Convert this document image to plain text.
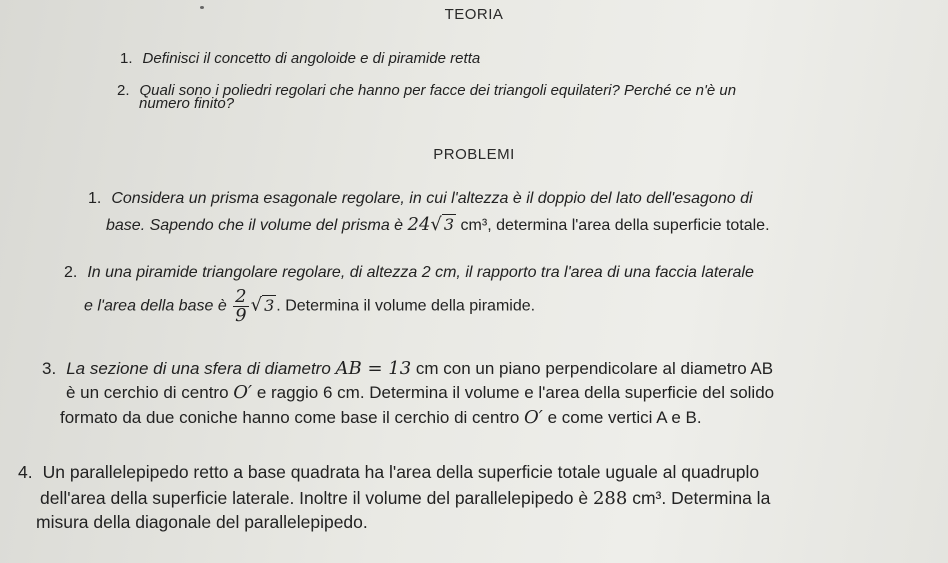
TEORIA
1. Definisci il concetto di angoloide e di piramide retta
2. Quali sono i poliedri regolari che hanno per facce dei triangoli equilateri? Perché ce n'è un
numero finito?
PROBLEMI
1. Considera un prisma esagonale regolare, in cui l'altezza è il doppio del lato dell'esagono di
base. Sapendo che il volume del prisma è 24√ 3 cm³, determina l'area della superficie totale.
2. In una piramide triangolare regolare, di altezza 2 cm, il rapporto tra l'area di una faccia laterale
e l'area della base è $\frac{2}{9}$ √ 3 . Determina il volume della piramide.
3. La sezione di una sfera di diametro AB = 13 cm con un piano perpendicolare al diametro AB
è un cerchio di centro O′ e raggio 6 cm. Determina il volume e l'area della superficie del solido
formato da due coniche hanno come base il cerchio di centro O′ e come vertici A e B.
4. Un parallelepipedo retto a base quadrata ha l'area della superficie totale uguale al quadruplo
dell'area della superficie laterale. Inoltre il volume del parallelepipedo è 288 cm³. Determina la
misura della diagonale del parallelepipedo.
